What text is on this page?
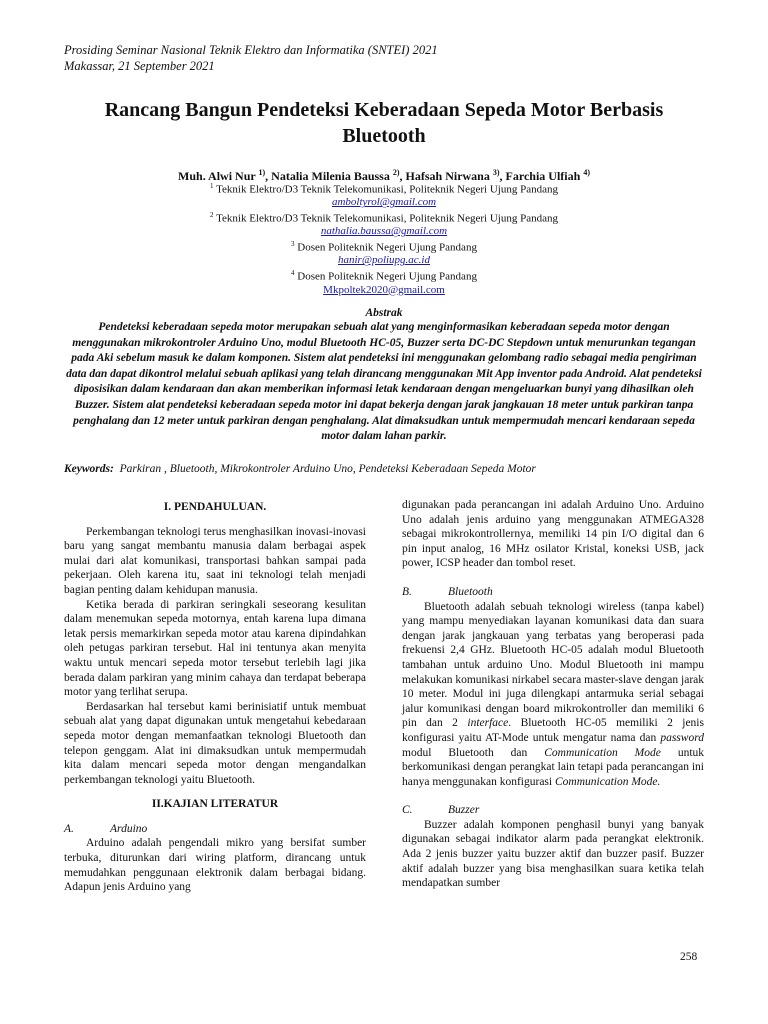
Prosiding Seminar Nasional Teknik Elektro dan Informatika (SNTEI) 2021
Makassar, 21 September 2021
Rancang Bangun Pendeteksi Keberadaan Sepeda Motor Berbasis
Bluetooth
Muh. Alwi Nur $^{1)}$, Natalia Milenia Baussa $^{2)}$, Hafsah Nirwana $^{3)}$, Farchia Ulfiah $^{4)}$
$^1$ Teknik Elektro/D3 Teknik Telekomunikasi, Politeknik Negeri Ujung Pandang
amboltyrol@gmail.com
$^2$ Teknik Elektro/D3 Teknik Telekomunikasi, Politeknik Negeri Ujung Pandang
nathalia.baussa@gmail.com
$^3$ Dosen Politeknik Negeri Ujung Pandang
hanir@poliupg.ac.id
$^4$ Dosen Politeknik Negeri Ujung Pandang
Mkpoltek2020@gmail.com
Abstrak
Pendeteksi keberadaan sepeda motor merupakan sebuah alat yang menginformasikan keberadaan sepeda motor dengan menggunakan mikrokontroler Arduino Uno, modul Bluetooth HC-05, Buzzer serta DC-DC Stepdown untuk menurunkan tegangan pada Aki sebelum masuk ke dalam komponen. Sistem alat pendeteksi ini menggunakan gelombang radio sebagai media pengiriman data dan dapat dikontrol melalui sebuah aplikasi yang telah dirancang menggunakan Mit App inventor pada Android. Alat pendeteksi diposisikan dalam kendaraan dan akan memberikan informasi letak kendaraan dengan mengeluarkan bunyi yang dihasilkan oleh Buzzer. Sistem alat pendeteksi keberadaan sepeda motor ini dapat bekerja dengan jarak jangkauan 18 meter untuk parkiran tanpa penghalang dan 12 meter untuk parkiran dengan penghalang. Alat dimaksudkan untuk mempermudah mencari kendaraan sepeda motor dalam lahan parkir.
Keywords: Parkiran , Bluetooth, Mikrokontroler Arduino Uno, Pendeteksi Keberadaan Sepeda Motor
I. PENDAHULUAN.

Perkembangan teknologi terus menghasilkan inovasi-inovasi baru yang sangat membantu manusia dalam berbagai aspek mulai dari alat komunikasi, transportasi bahkan sampai pada pekerjaan. Oleh karena itu, saat ini teknologi telah menjadi bagian penting dalam kehidupan manusia.

Ketika berada di parkiran seringkali seseorang kesulitan dalam menemukan sepeda motornya, entah karena lupa dimana letak persis memarkirkan sepeda motor atau karena dipindahkan oleh petugas parkiran tersebut. Hal ini tentunya akan menyita waktu untuk mencari sepeda motor tersebut terlebih lagi jika berada dalam parkiran yang minim cahaya dan terdapat beberapa motor yang terlihat serupa.

Berdasarkan hal tersebut kami berinisiatif untuk membuat sebuah alat yang dapat digunakan untuk mengetahui kebedaraan sepeda motor dengan memanfaatkan teknologi Bluetooth dan telepon genggam. Alat ini dimaksudkan untuk mempermudah kita dalam mencari sepeda motor dengan mengandalkan perkembangan teknologi yaitu Bluetooth.

II.KAJIAN LITERATUR
A.	Arduino

Arduino adalah pengendali mikro yang bersifat sumber terbuka, diturunkan dari wiring platform, dirancang untuk memudahkan penggunaan elektronik dalam berbagai bidang. Adapun jenis Arduino yang

digunakan pada perancangan ini adalah Arduino Uno. Arduino Uno adalah jenis arduino yang menggunakan ATMEGA328 sebagai mikrokontrollernya, memiliki 14 pin I/O digital dan 6 pin input analog, 16 MHz osilator Kristal, koneksi USB, jack power, ICSP header dan tombol reset.

B.	Bluetooth

Bluetooth adalah sebuah teknologi wireless (tanpa kabel) yang mampu menyediakan layanan komunikasi data dan suara dengan jarak jangkauan yang terbatas yang beroperasi pada frekuensi 2,4 GHz. Bluetooth HC-05 adalah modul Bluetooth tambahan untuk arduino Uno. Modul Bluetooth ini mampu melakukan komunikasi nirkabel secara master-slave dengan jarak 10 meter. Modul ini juga dilengkapi antarmuka serial sebagai jalur komunikasi dengan board mikrokontroller dan memiliki 6 pin dan 2 interface. Bluetooth HC-05 memiliki 2 jenis konfigurasi yaitu AT-Mode untuk mengatur nama dan password modul Bluetooth dan Communication Mode untuk berkomunikasi dengan perangkat lain tetapi pada perancangan ini hanya menggunakan konfigurasi Communication Mode.

C.	Buzzer

Buzzer adalah komponen penghasil bunyi yang banyak digunakan sebagai indikator alarm pada perangkat elektronik. Ada 2 jenis buzzer yaitu buzzer aktif dan buzzer pasif. Buzzer aktif adalah buzzer yang bisa menghasilkan suara ketika telah mendapatkan sumber

258
